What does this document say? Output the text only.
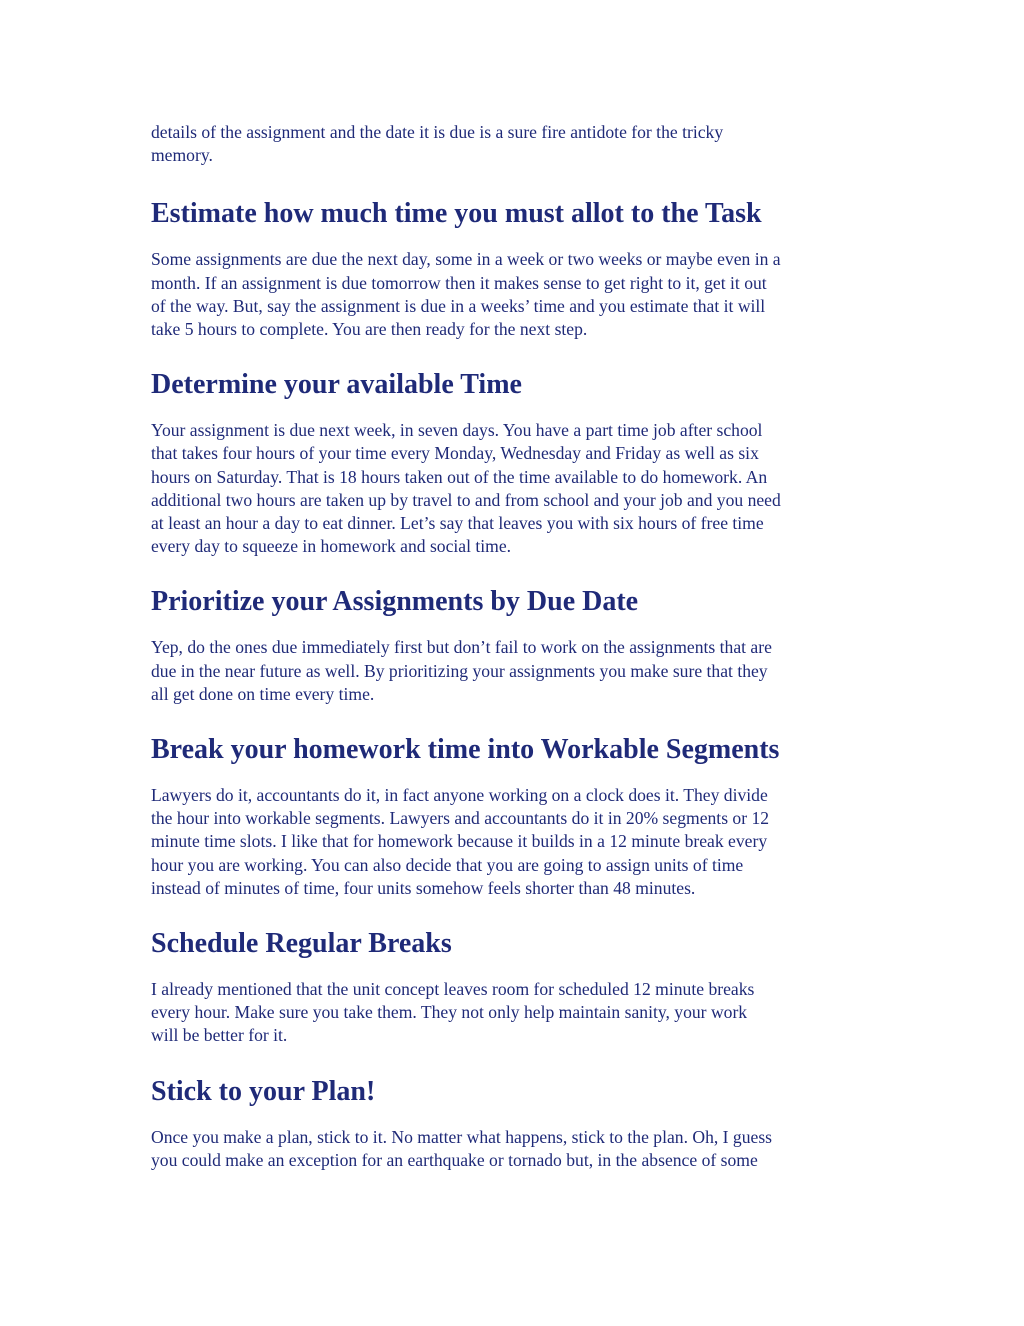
details of the assignment and the date it is due is a sure fire antidote for the tricky
memory.

Estimate how much time you must allot to the Task

Some assignments are due the next day, some in a week or two weeks or maybe even in a
month. If an assignment is due tomorrow then it makes sense to get right to it, get it out
of the way. But, say the assignment is due in a weeks’ time and you estimate that it will
take 5 hours to complete. You are then ready for the next step.

Determine your available Time

Your assignment is due next week, in seven days. You have a part time job after school
that takes four hours of your time every Monday, Wednesday and Friday as well as six
hours on Saturday. That is 18 hours taken out of the time available to do homework. An
additional two hours are taken up by travel to and from school and your job and you need
at least an hour a day to eat dinner. Let’s say that leaves you with six hours of free time
every day to squeeze in homework and social time.

Prioritize your Assignments by Due Date

Yep, do the ones due immediately first but don’t fail to work on the assignments that are
due in the near future as well. By prioritizing your assignments you make sure that they
all get done on time every time.

Break your homework time into Workable Segments

Lawyers do it, accountants do it, in fact anyone working on a clock does it. They divide
the hour into workable segments. Lawyers and accountants do it in 20% segments or 12
minute time slots. I like that for homework because it builds in a 12 minute break every
hour you are working. You can also decide that you are going to assign units of time
instead of minutes of time, four units somehow feels shorter than 48 minutes.

Schedule Regular Breaks

I already mentioned that the unit concept leaves room for scheduled 12 minute breaks
every hour. Make sure you take them. They not only help maintain sanity, your work
will be better for it.

Stick to your Plan!

Once you make a plan, stick to it. No matter what happens, stick to the plan. Oh, I guess
you could make an exception for an earthquake or tornado but, in the absence of some
